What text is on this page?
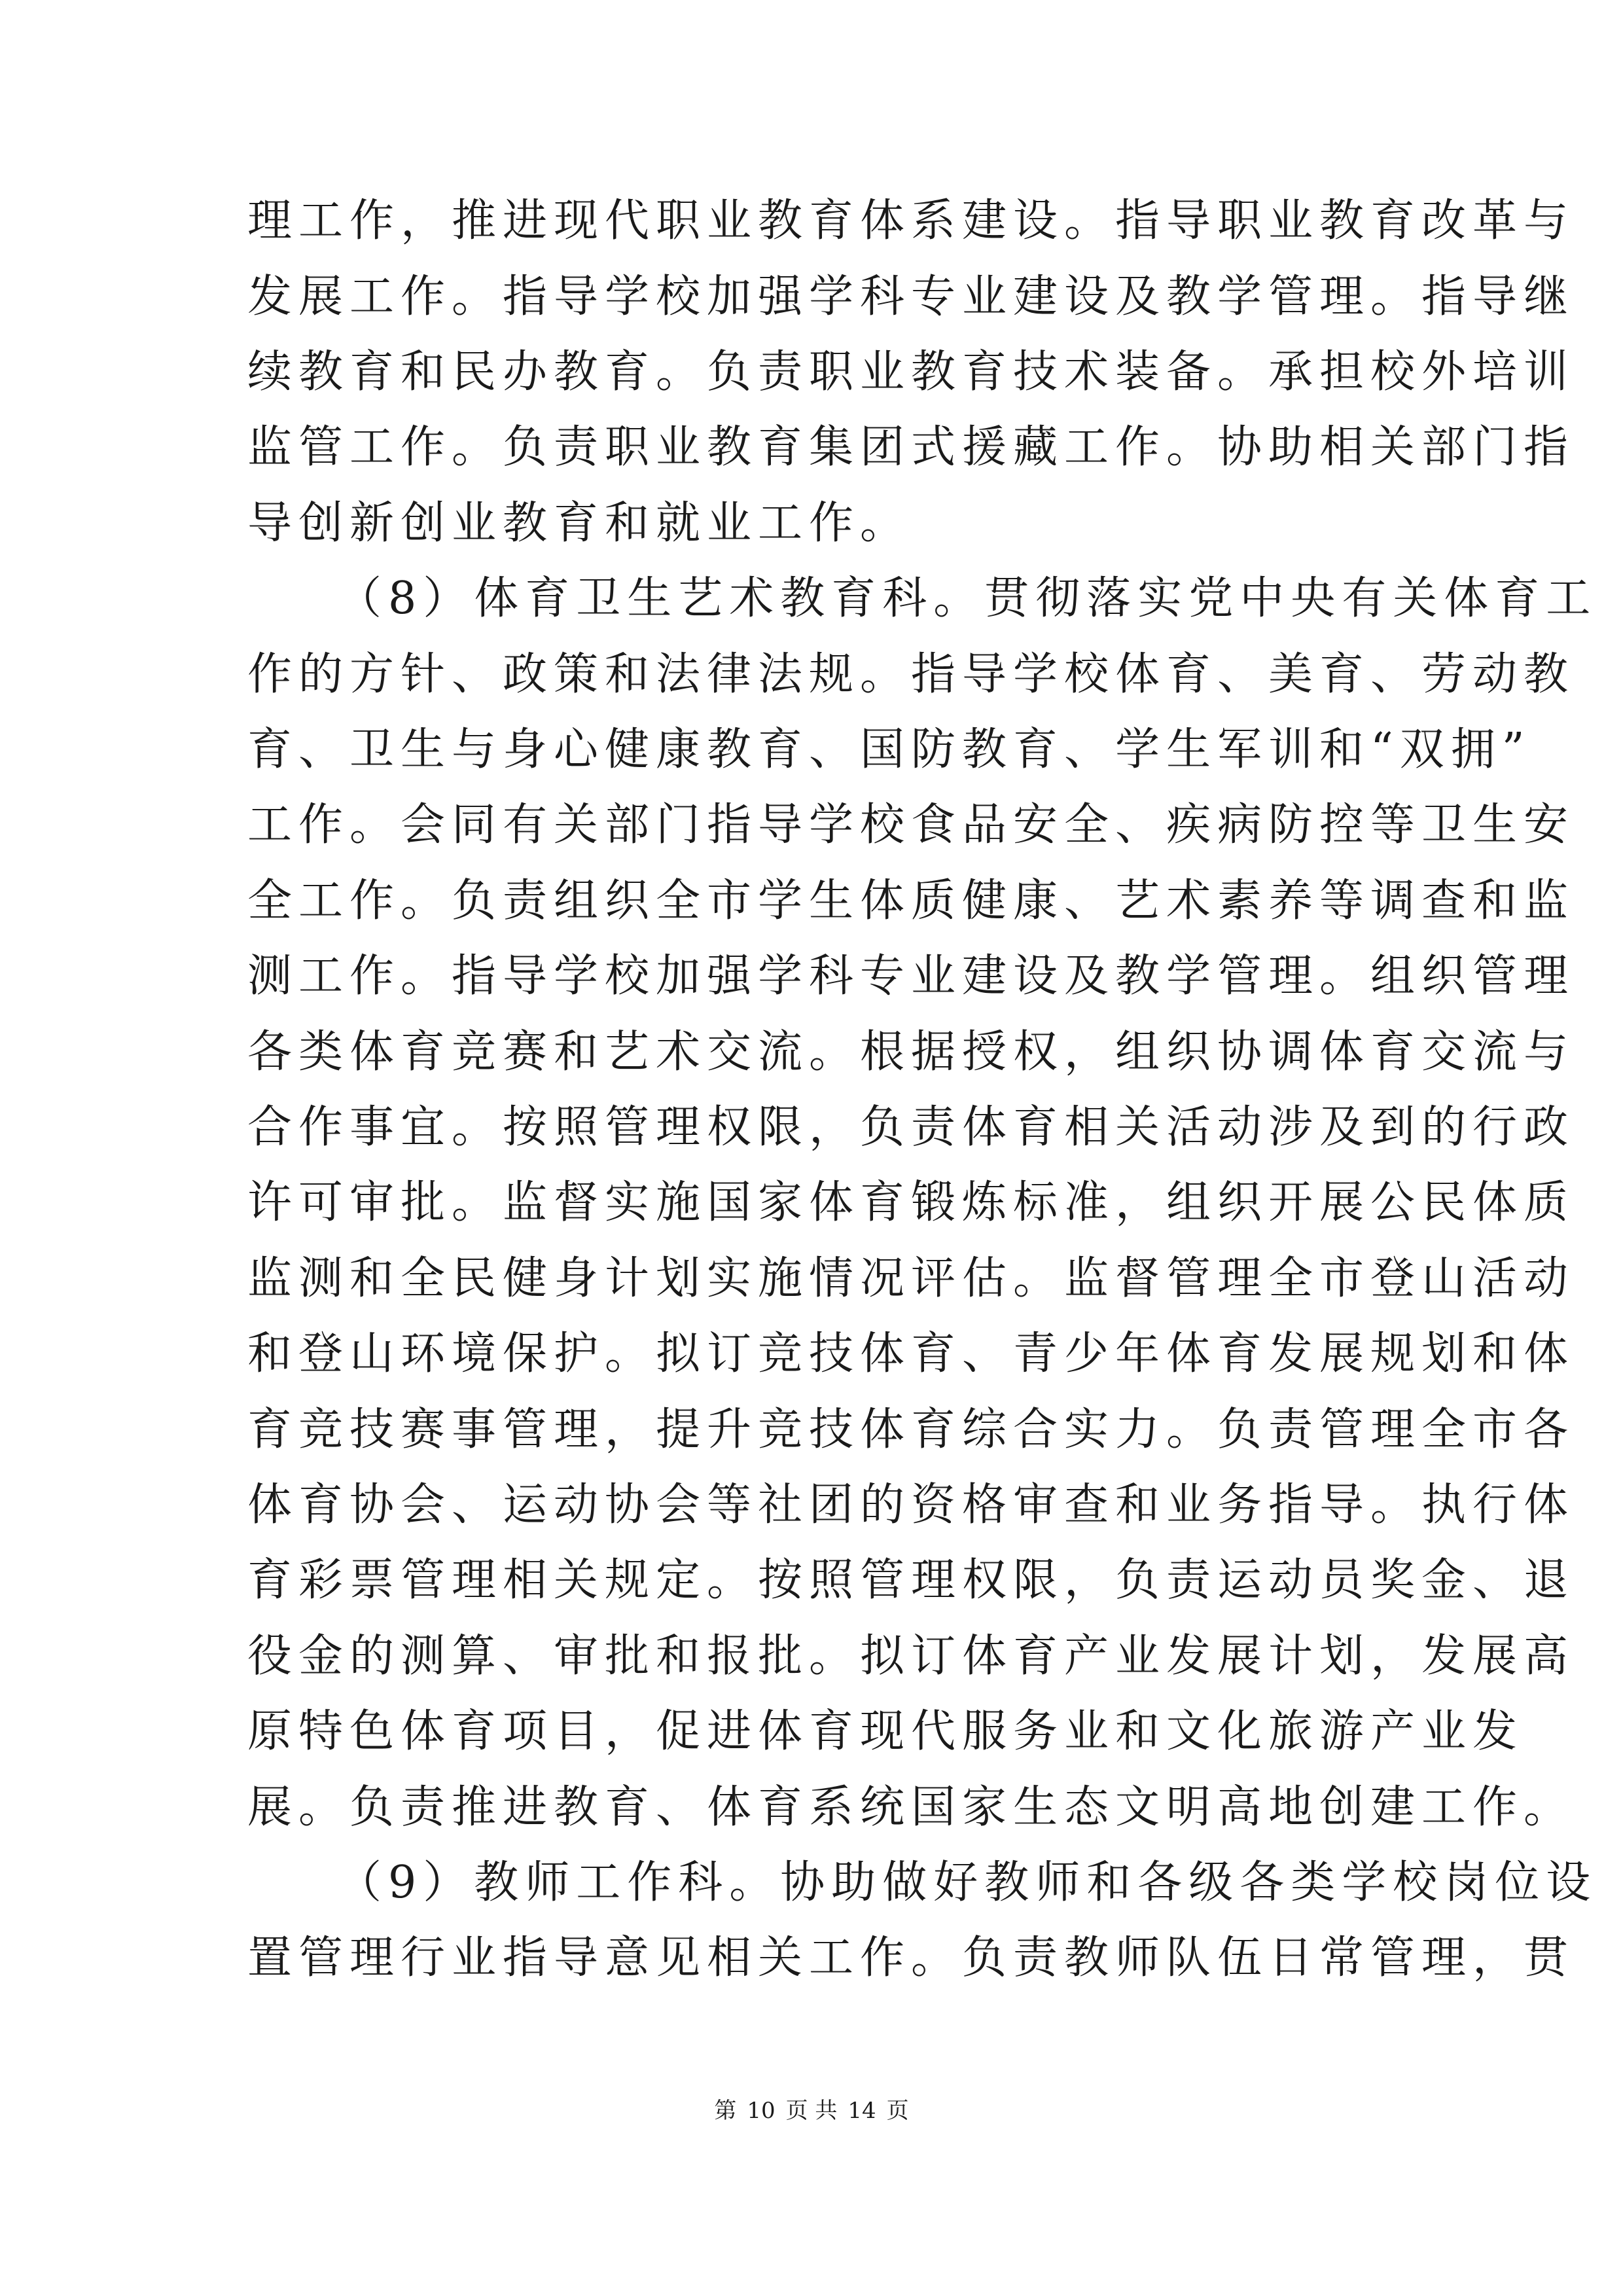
理工作，推进现代职业教育体系建设。指导职业教育改革与
发展工作。指导学校加强学科专业建设及教学管理。指导继
续教育和民办教育。负责职业教育技术装备。承担校外培训
监管工作。负责职业教育集团式援藏工作。协助相关部门指
导创新创业教育和就业工作。
（8）体育卫生艺术教育科。贯彻落实党中央有关体育工
作的方针、政策和法律法规。指导学校体育、美育、劳动教
育、卫生与身心健康教育、国防教育、学生军训和“双拥”
工作。会同有关部门指导学校食品安全、疾病防控等卫生安
全工作。负责组织全市学生体质健康、艺术素养等调查和监
测工作。指导学校加强学科专业建设及教学管理。组织管理
各类体育竞赛和艺术交流。根据授权，组织协调体育交流与
合作事宜。按照管理权限，负责体育相关活动涉及到的行政
许可审批。监督实施国家体育锻炼标准，组织开展公民体质
监测和全民健身计划实施情况评估。监督管理全市登山活动
和登山环境保护。拟订竞技体育、青少年体育发展规划和体
育竞技赛事管理，提升竞技体育综合实力。负责管理全市各
体育协会、运动协会等社团的资格审查和业务指导。执行体
育彩票管理相关规定。按照管理权限，负责运动员奖金、退
役金的测算、审批和报批。拟订体育产业发展计划，发展高
原特色体育项目，促进体育现代服务业和文化旅游产业发
展。负责推进教育、体育系统国家生态文明高地创建工作。
（9）教师工作科。协助做好教师和各级各类学校岗位设
置管理行业指导意见相关工作。负责教师队伍日常管理，贯
第 10 页 共 14 页
